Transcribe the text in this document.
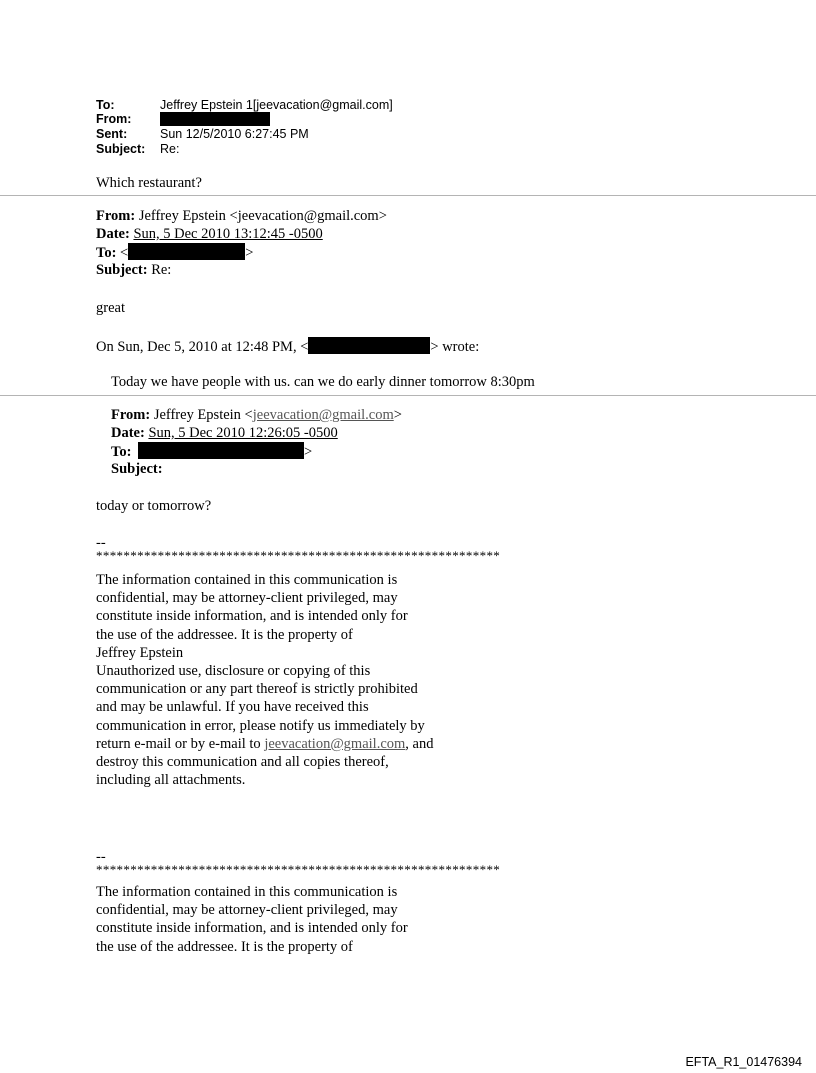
To:	Jeffrey Epstein 1[jeevacation@gmail.com]
From:
Sent:	Sun 12/5/2010 6:27:45 PM
Subject: Re:
Which restaurant?
From: Jeffrey Epstein <jeevacation@gmail.com>
Date: Sun, 5 Dec 2010 13:12:45 -0500
To: <	>
Subject: Re:
great
On Sun, Dec 5, 2010 at 12:48 PM, <	> wrote:
Today we have people with us. can we do early dinner tomorrow 8:30pm
From: Jeffrey Epstein <jeevacation@gmail.com>
Date: Sun, 5 Dec 2010 12:26:05 -0500
To:	>
Subject:
today or tomorrow?
--
***********************************************************
The information contained in this communication is
confidential, may be attorney-client privileged, may
constitute inside information, and is intended only for
the use of the addressee. It is the property of
Jeffrey Epstein
Unauthorized use, disclosure or copying of this
communication or any part thereof is strictly prohibited
and may be unlawful. If you have received this
communication in error, please notify us immediately by
return e-mail or by e-mail to jeevacation@gmail.com, and
destroy this communication and all copies thereof,
including all attachments.
--
***********************************************************
The information contained in this communication is
confidential, may be attorney-client privileged, may
constitute inside information, and is intended only for
the use of the addressee. It is the property of
EFTA_R1_01476394
